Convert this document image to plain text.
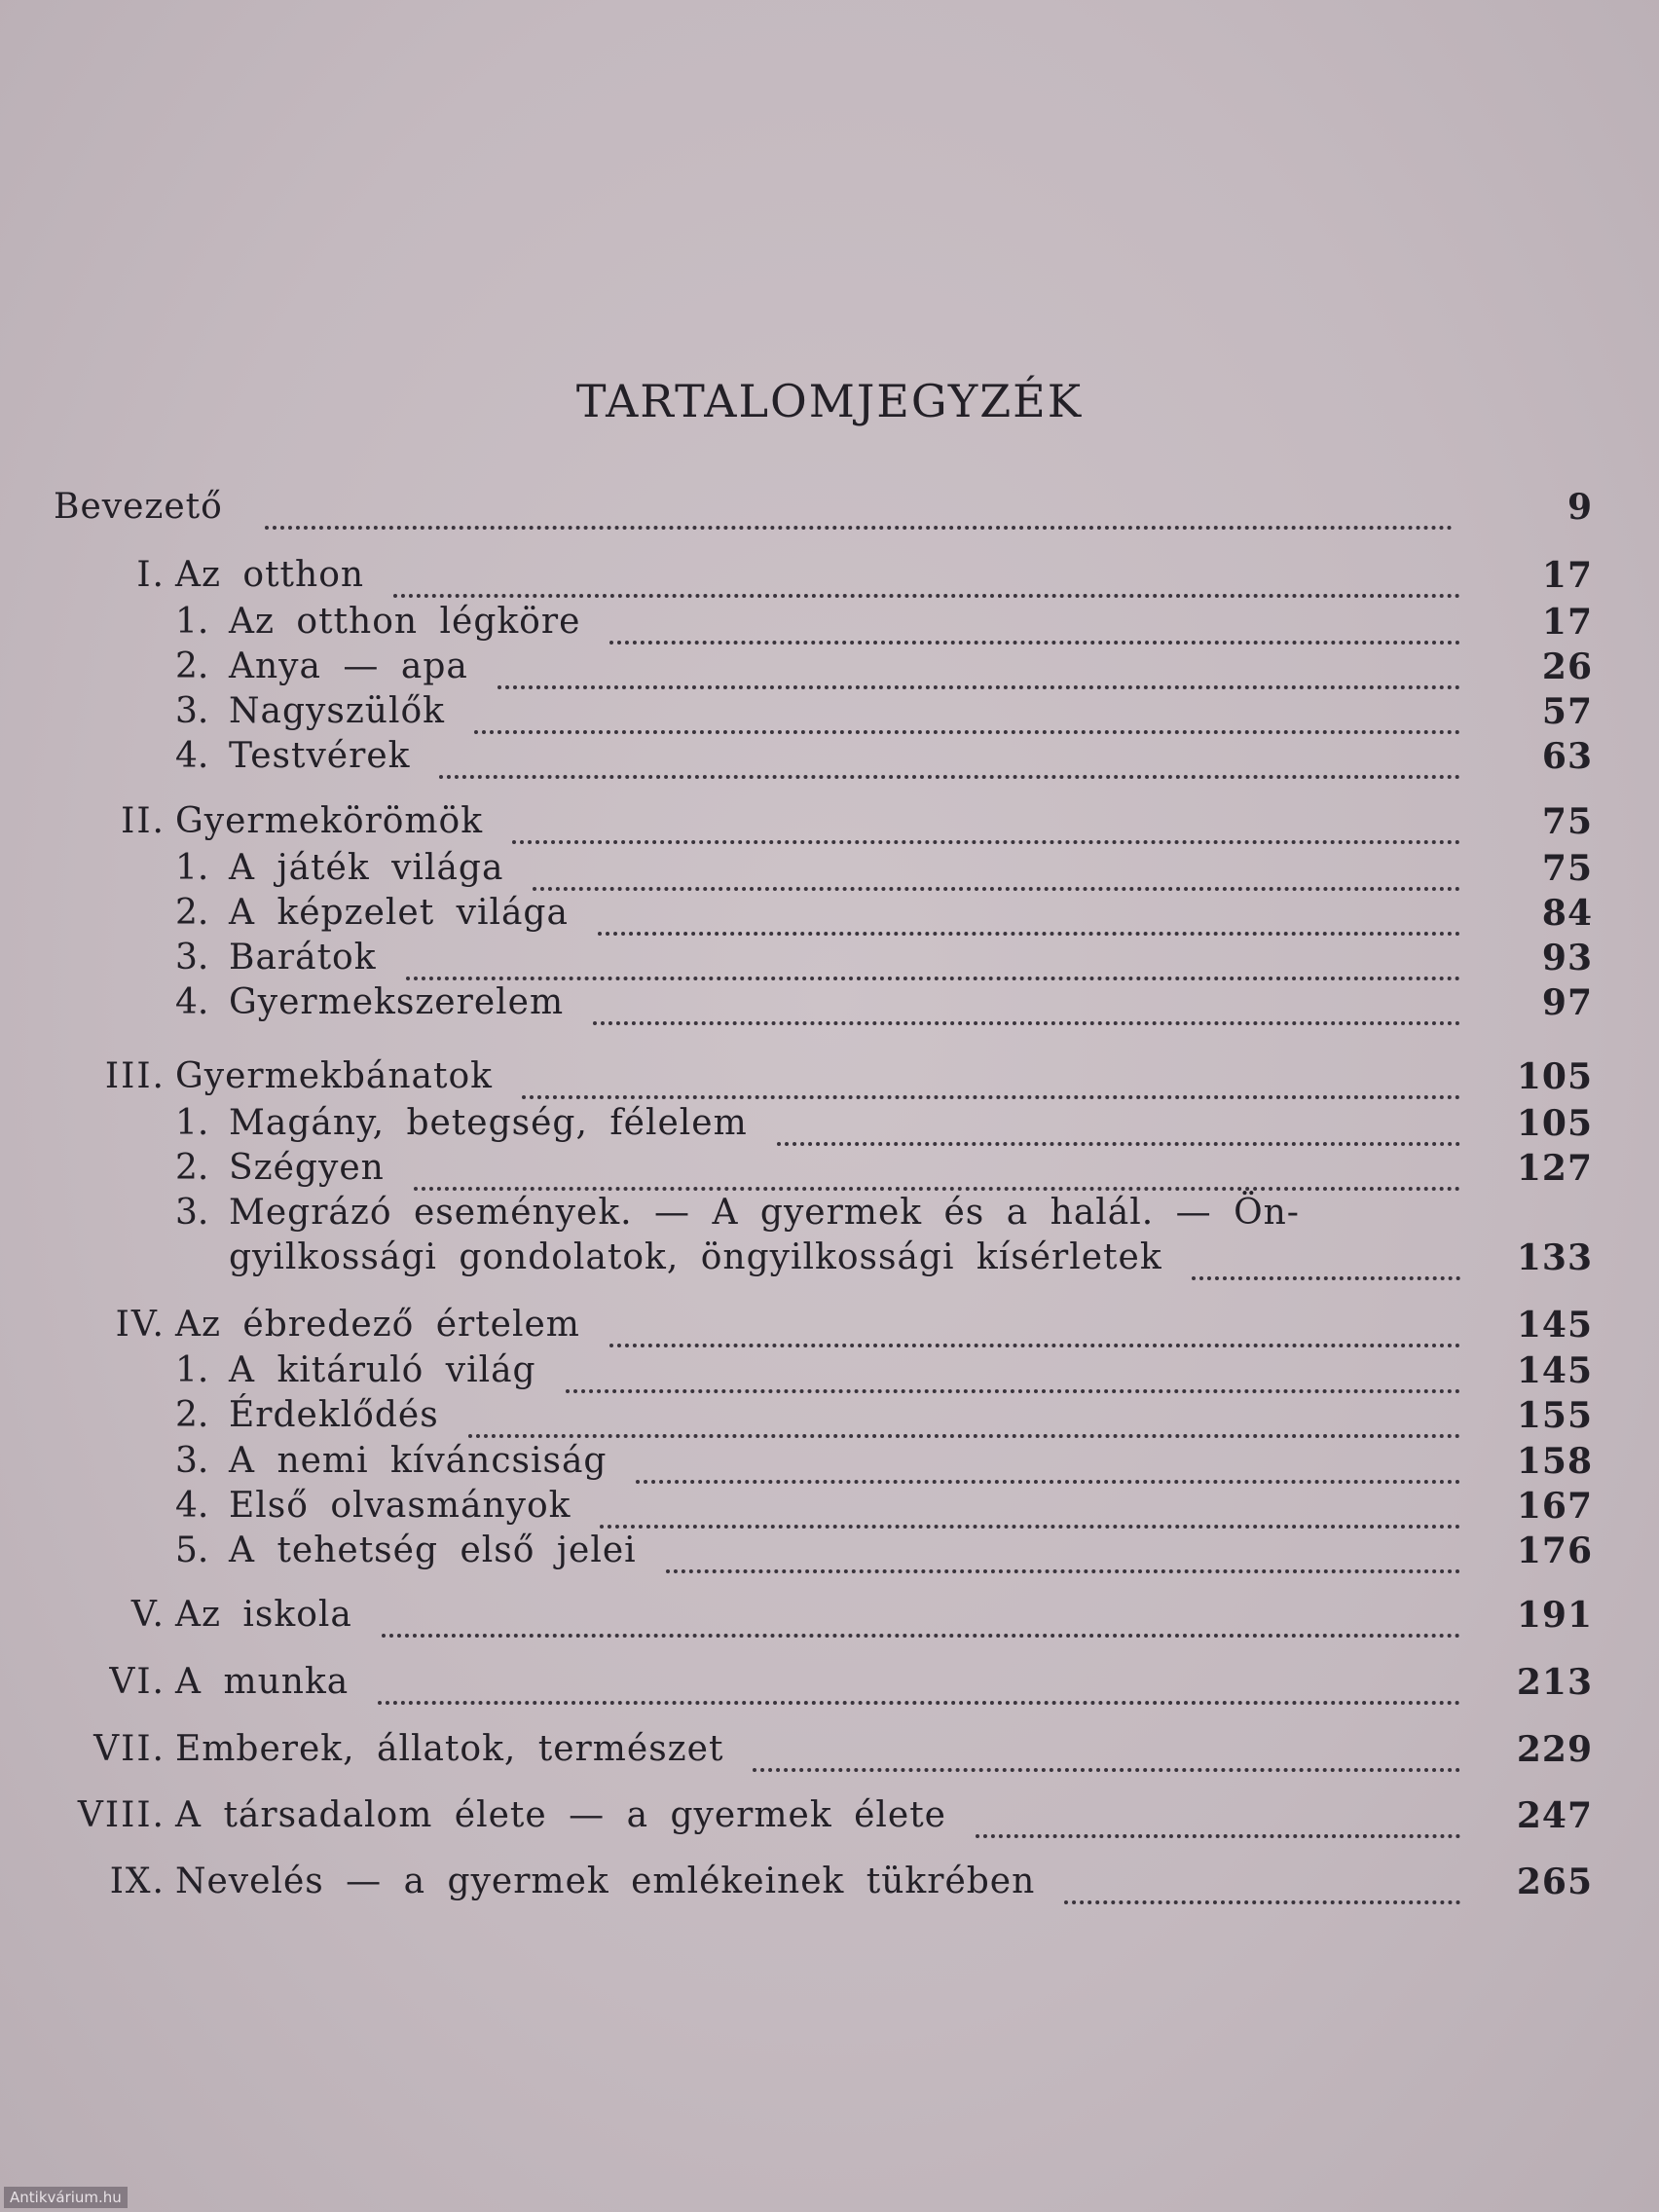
TARTALOMJEGYZÉK
Bevezető	9
I. Az otthon	17
1. Az otthon légköre	17
2. Anya — apa	26
3. Nagyszülők	57
4. Testvérek	63
II. Gyermekörömök	75
1. A játék világa	75
2. A képzelet világa	84
3. Barátok	93
4. Gyermekszerelem	97
III. Gyermekbánatok	105
1. Magány, betegség, félelem	105
2. Szégyen	127
3. Megrázó események. — A gyermek és a halál. — Ön-
gyilkossági gondolatok, öngyilkossági kísérletek	133
IV. Az ébredező értelem	145
1. A kitáruló világ	145
2. Érdeklődés	155
3. A nemi kíváncsiság	158
4. Első olvasmányok	167
5. A tehetség első jelei	176
V. Az iskola	191
VI. A munka	213
VII. Emberek, állatok, természet	229
VIII. A társadalom élete — a gyermek élete	247
IX. Nevelés — a gyermek emlékeinek tükrében	265
Antikvárium.hu
